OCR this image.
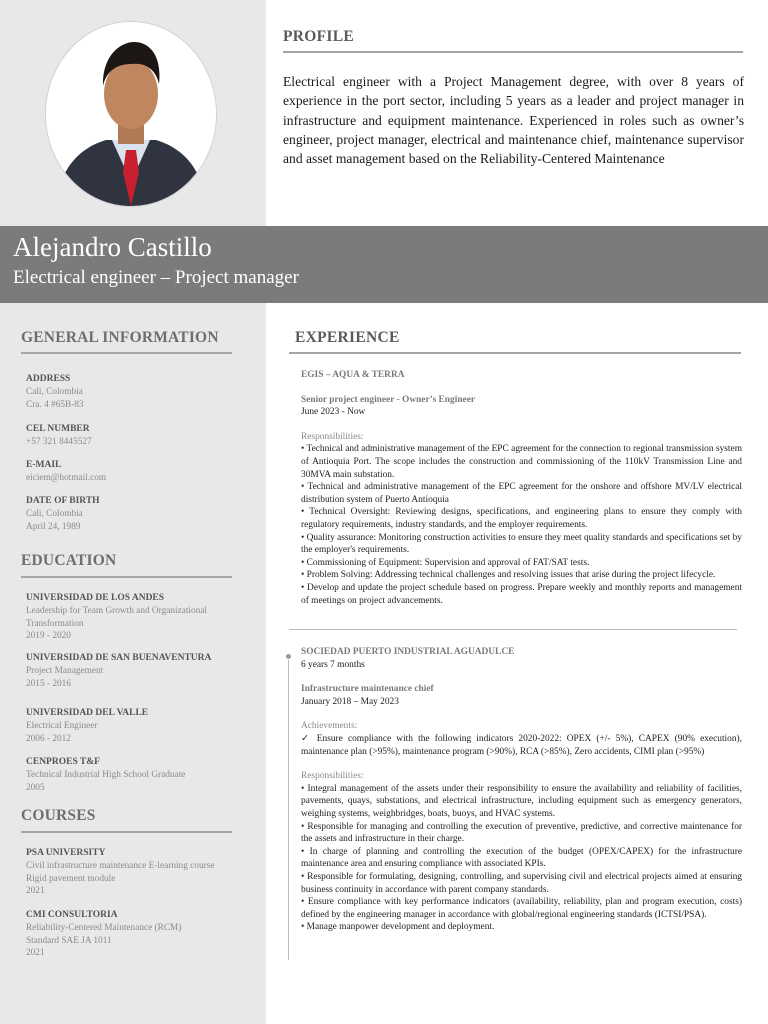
PROFILE
Electrical engineer with a Project Management degree, with over 8 years of experience in the port sector, including 5 years as a leader and project manager in infrastructure and equipment maintenance. Experienced in roles such as owner’s engineer, project manager, electrical and maintenance chief, maintenance supervisor and asset management based on the Reliability-Centered Maintenance
Alejandro Castillo
Electrical engineer – Project manager
GENERAL INFORMATION
ADDRESS
Cali, Colombia
Cra. 4 #65B-83
CEL NUMBER
+57 321 8445527
E-MAIL
eiciem@hotmail.com
DATE OF BIRTH
Cali, Colombia
April 24, 1989
EDUCATION
UNIVERSIDAD DE LOS ANDES
Leadership for Team Growth and Organizational
Transformation
2019 - 2020
UNIVERSIDAD DE SAN BUENAVENTURA
Project Management
2015 - 2016
UNIVERSIDAD DEL VALLE
Electrical Engineer
2006 - 2012
CENPROES T&F
Technical Industrial High School Graduate
2005
COURSES
PSA UNIVERSITY
Civil infrastructure maintenance E-learning course
Rigid pavement module
2021
CMI CONSULTORIA
Reliability-Centered Maintenance (RCM)
Standard SAE JA 1011
2021
EXPERIENCE
EGIS – AQUA & TERRA
Senior project engineer - Owner’s Engineer
June 2023 - Now
Responsibilities:
• Technical and administrative management of the EPC agreement for the connection to regional transmission system of Antioquia Port. The scope includes the construction and commissioning of the 110kV Transmission Line and 30MVA main substation.
• Technical and administrative management of the EPC agreement for the onshore and offshore MV/LV electrical distribution system of Puerto Antioquia
• Technical Oversight: Reviewing designs, specifications, and engineering plans to ensure they comply with regulatory requirements, industry standards, and the employer requirements.
• Quality assurance: Monitoring construction activities to ensure they meet quality standards and specifications set by the employer's requirements.
• Commissioning of Equipment: Supervision and approval of FAT/SAT tests.
• Problem Solving: Addressing technical challenges and resolving issues that arise during the project lifecycle.
• Develop and update the project schedule based on progress. Prepare weekly and monthly reports and management of meetings on project advancements.
SOCIEDAD PUERTO INDUSTRIAL AGUADULCE
6 years 7 months
Infrastructure maintenance chief
January 2018 – May 2023
Achievements:
✓ Ensure compliance with the following indicators 2020-2022: OPEX (+/- 5%), CAPEX (90% execution), maintenance plan (>95%), maintenance program (>90%), RCA (>85%), Zero accidents, CIMI plan (>95%)
Responsibilities:
• Integral management of the assets under their responsibility to ensure the availability and reliability of facilities, pavements, quays, substations, and electrical infrastructure, including equipment such as emergency generators, weighing systems, weighbridges, boats, buoys, and HVAC systems.
• Responsible for managing and controlling the execution of preventive, predictive, and corrective maintenance for the assets and infrastructure in their charge.
• In charge of planning and controlling the execution of the budget (OPEX/CAPEX) for the infrastructure maintenance area and ensuring compliance with associated KPIs.
• Responsible for formulating, designing, controlling, and supervising civil and electrical projects aimed at ensuring business continuity in accordance with parent company standards.
• Ensure compliance with key performance indicators (availability, reliability, plan and program execution, costs) defined by the engineering manager in accordance with global/regional engineering standards (ICTSI/PSA).
• Manage manpower development and deployment.
